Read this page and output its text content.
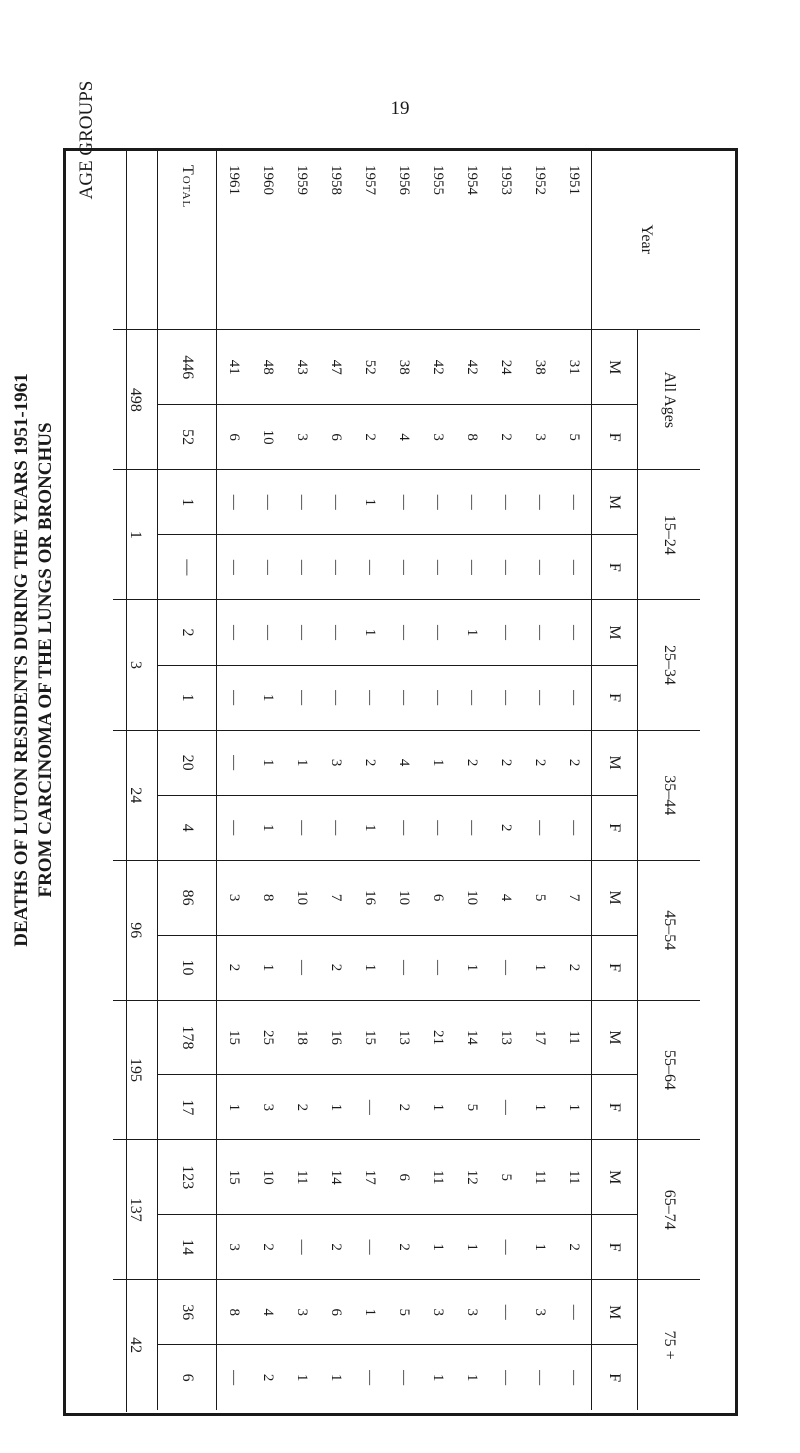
19
DEATHS OF LUTON RESIDENTS DURING THE YEARS 1951-1961 FROM CARCINOMA OF THE LUNGS OR BRONCHUS
AGE GROUPS
Year	All Ages		15–24		25–34		35–44		45–54		55–64		65–74		75 +	
	M	F	M	F	M	F	M	F	M	F	M	F	M	F	M	F
1951	31	5	—	—	—	—	2	—	7	2	11	1	11	2	—	—
1952	38	3	—	—	—	—	2	—	5	1	17	1	11	1	3	—
1953	24	2	—	—	—	—	2	2	4	—	13	—	5	—	—	—
1954	42	8	—	—	1	—	2	—	10	1	14	5	12	1	3	1
1955	42	3	—	—	—	—	1	—	6	—	21	1	11	1	3	1
1956	38	4	—	—	—	—	4	—	10	—	13	2	6	2	5	—
1957	52	2	1	—	1	—	2	1	16	1	15	—	17	—	1	—
1958	47	6	—	—	—	—	3	—	7	2	16	1	14	2	6	1
1959	43	3	—	—	—	—	1	—	10	—	18	2	11	—	3	1
1960	48	10	—	—	—	1	1	1	8	1	25	3	10	2	4	2
1961	41	6	—	—	—	—	—	—	3	2	15	1	15	3	8	—
Total	446	52	1	—	2	1	20	4	86	10	178	17	123	14	36	6
	498		1		3		24		96		195		137		42	
